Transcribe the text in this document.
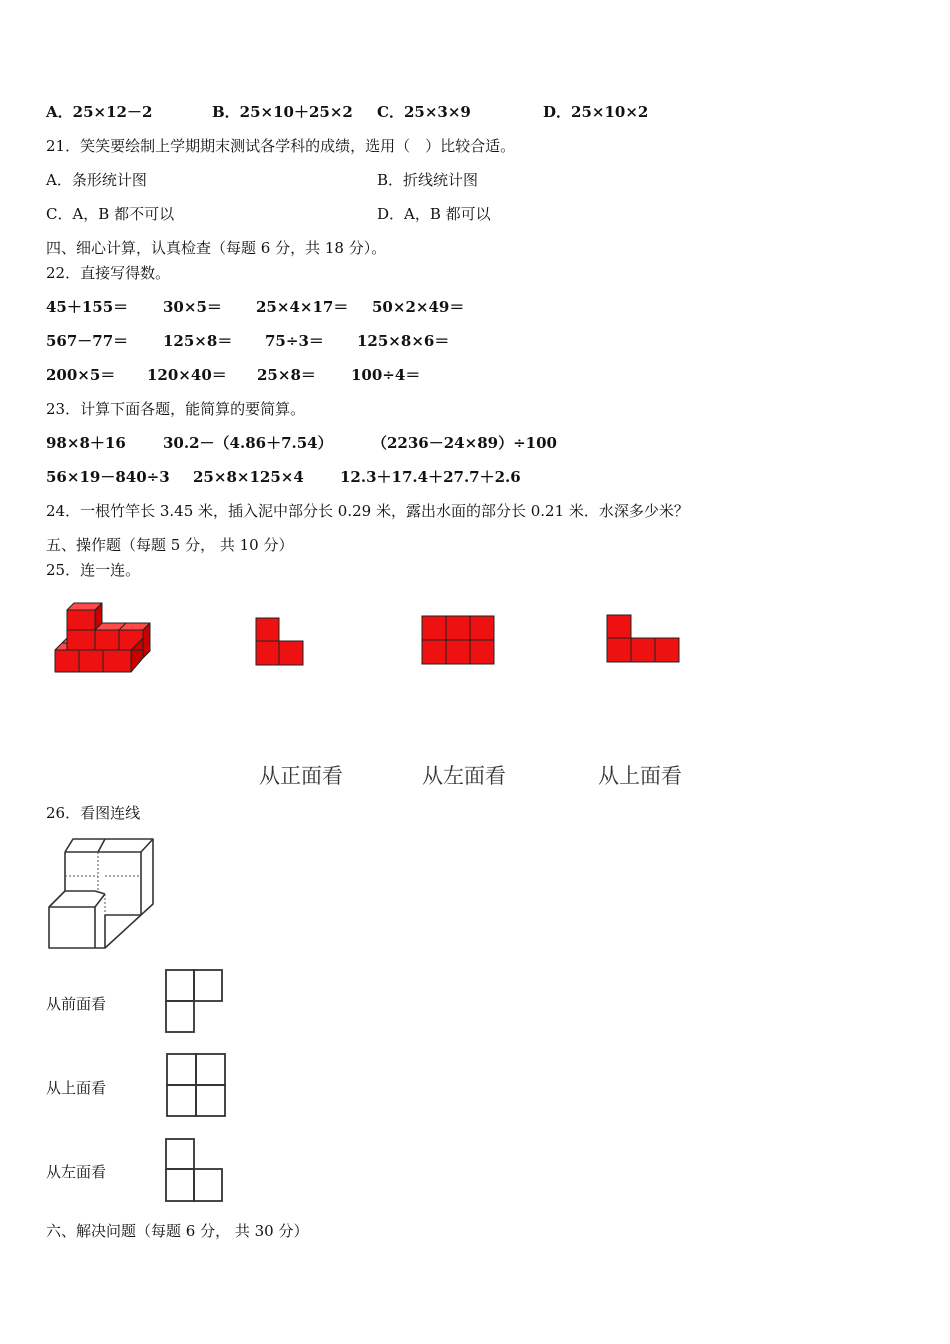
A．25×12－2	B．25×10＋25×2 C．25×3×9	D．25×10×2
21．笑笑要绘制上学期期末测试各学科的成绩，选用（　）比较合适。
A．条形统计图	B．折线统计图
C．A，B 都不可以	D．A，B 都可以
四、细心计算，认真检查（每题 6 分，共 18 分）。
22．直接写得数。
45＋155＝ 30×5＝ 25×4×17＝ 50×2×49＝
567－77＝ 125×8＝ 75÷3＝ 125×8×6＝
200×5＝ 120×40＝ 25×8＝ 100÷4＝
23．计算下面各题，能简算的要简算。
98×8＋16 30.2－（4.86＋7.54）	（2236－24×89）÷100
56×19－840÷3 25×8×125×4 12.3＋17.4＋27.7＋2.6
24．一根竹竿长 3.45 米，插入泥中部分长 0.29 米，露出水面的部分长 0.21 米．水深多少米？
五、操作题（每题 5 分， 共 10 分）
25．连一连。
从正面看	从左面看	从上面看
26．看图连线
从前面看
从上面看
从左面看
六、解决问题（每题 6 分， 共 30 分）
